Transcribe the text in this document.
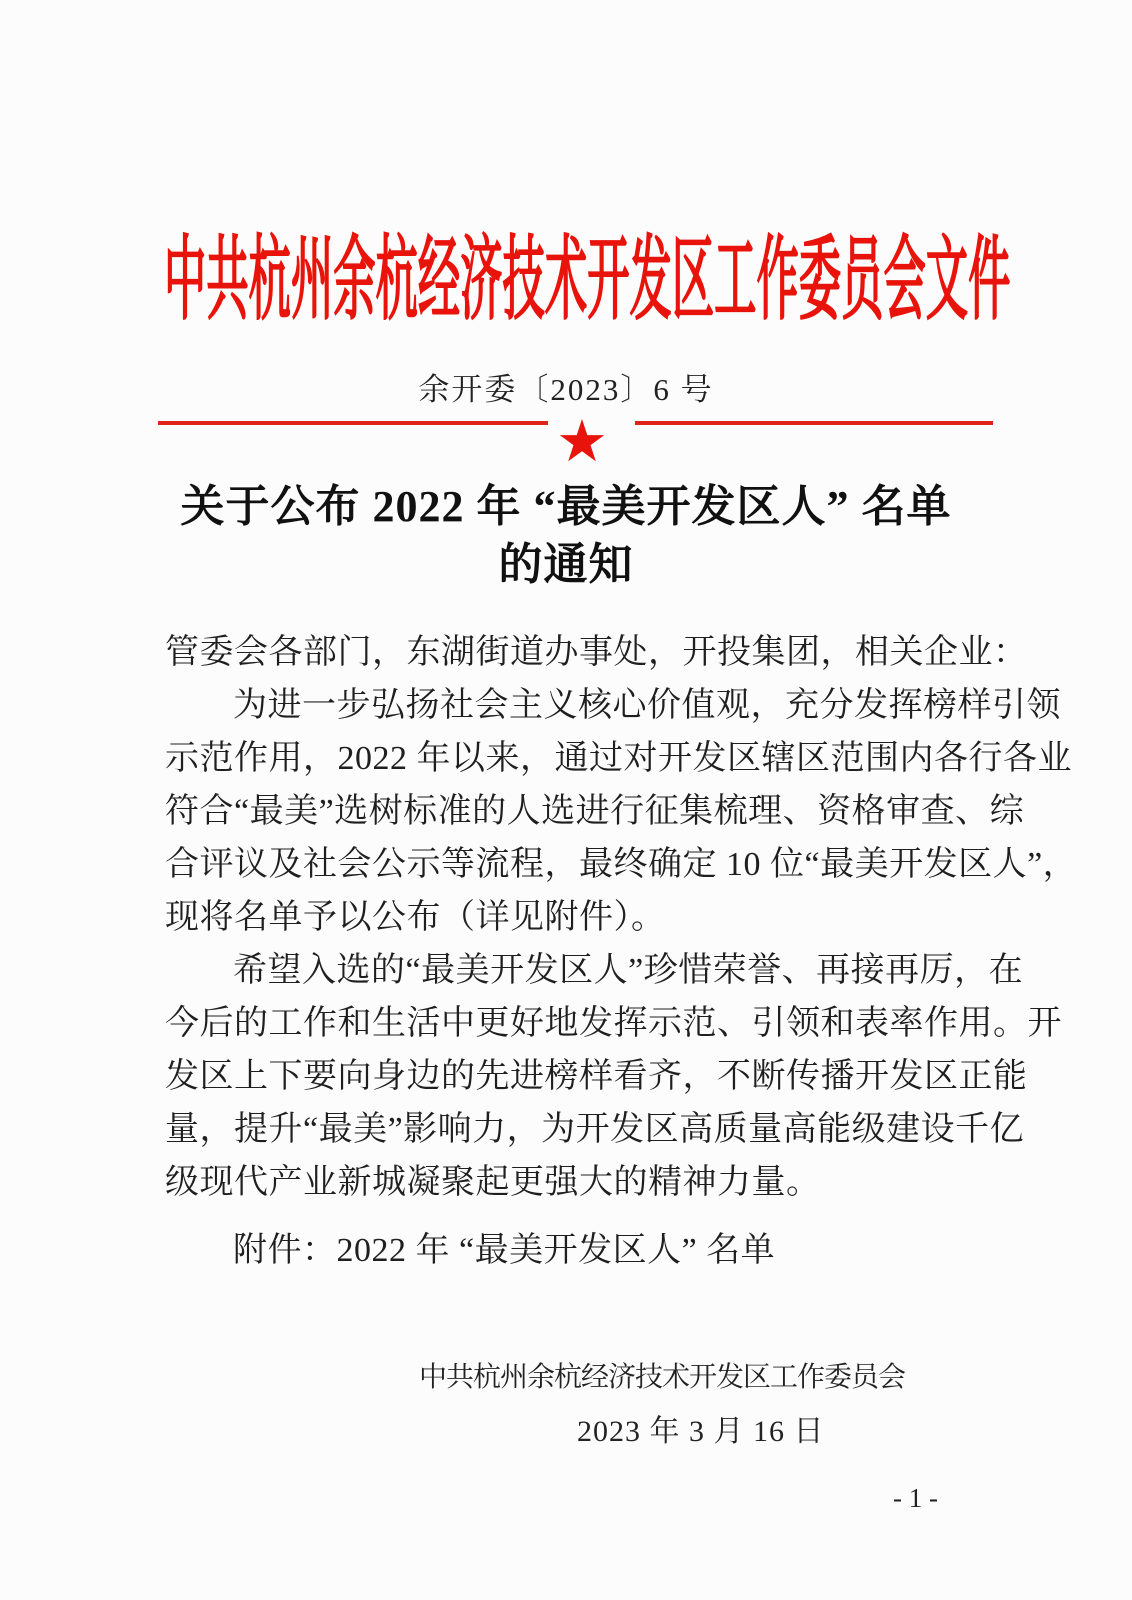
中共杭州余杭经济技术开发区工作委员会文件
余开委〔2023〕6 号
★
关于公布 2022 年 “最美开发区人” 名单
的通知
管委会各部门，东湖街道办事处，开投集团，相关企业：
为进一步弘扬社会主义核心价值观，充分发挥榜样引领
示范作用，2022 年以来，通过对开发区辖区范围内各行各业
符合“最美”选树标准的人选进行征集梳理、资格审查、综
合评议及社会公示等流程，最终确定 10 位“最美开发区人”，
现将名单予以公布（详见附件）。
希望入选的“最美开发区人”珍惜荣誉、再接再厉，在
今后的工作和生活中更好地发挥示范、引领和表率作用。开
发区上下要向身边的先进榜样看齐，不断传播开发区正能
量，提升“最美”影响力，为开发区高质量高能级建设千亿
级现代产业新城凝聚起更强大的精神力量。
附件：2022 年 “最美开发区人” 名单
中共杭州余杭经济技术开发区工作委员会
2023 年 3 月 16 日
- 1 -
